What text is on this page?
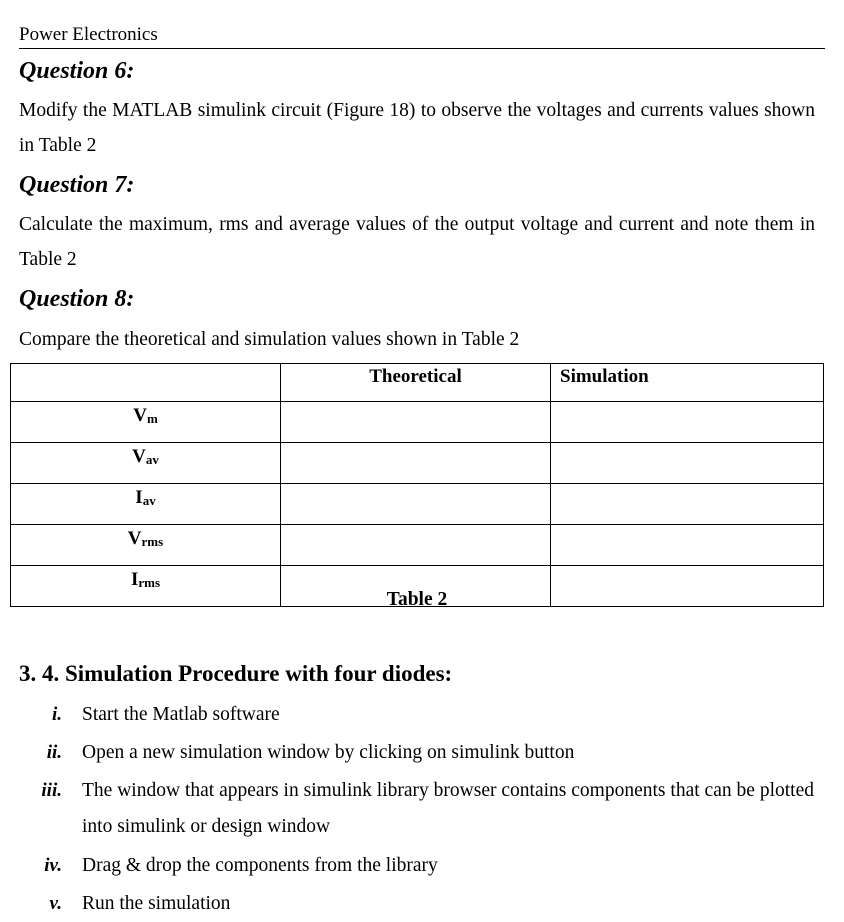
Power Electronics
Question 6:
Modify the MATLAB simulink circuit (Figure 18) to observe the voltages and currents values shown in Table 2
Question 7:
Calculate the maximum, rms and average values of the output voltage and current and note them in Table 2
Question 8:
Compare the theoretical and simulation values shown in Table 2
	Theoretical	Simulation
Vm		
Vav		
Iav		
Vrms		
Irms		
Table 2
3. 4. Simulation Procedure with four diodes:
i. Start the Matlab software
ii. Open a new simulation window by clicking on simulink button
iii. The window that appears in simulink library browser contains components that can be plotted into simulink or design window
iv. Drag & drop the components from the library
v. Run the simulation
